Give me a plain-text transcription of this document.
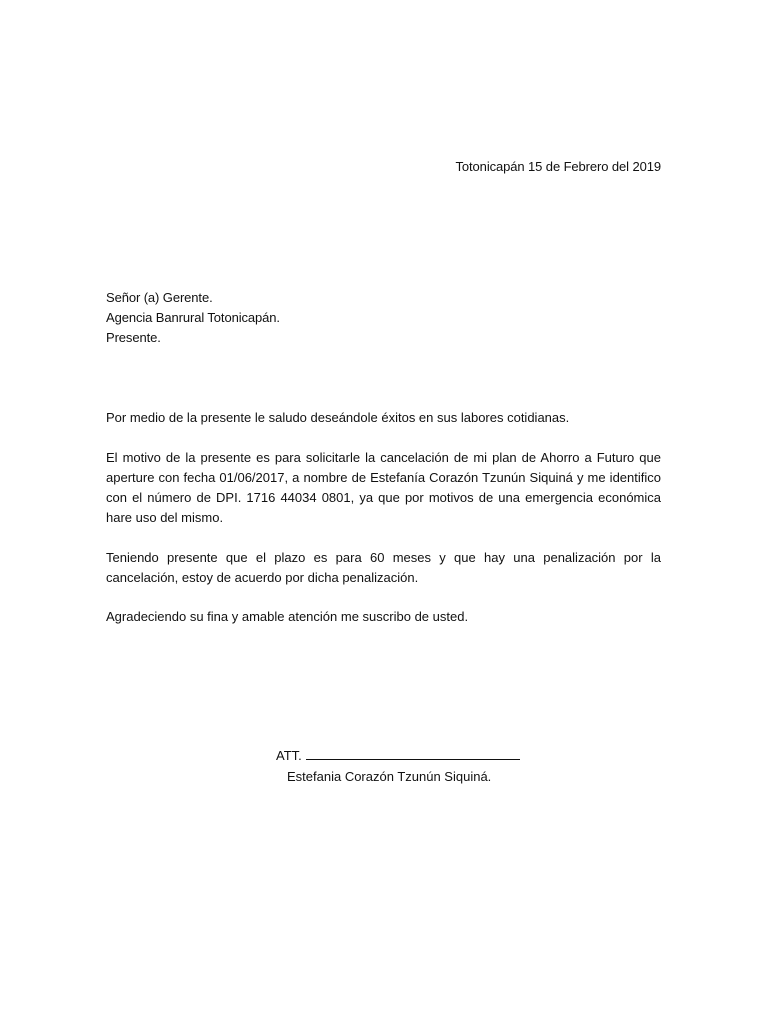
Totonicapán 15 de Febrero del 2019
Señor (a) Gerente.
Agencia Banrural Totonicapán.
Presente.

Por medio de la presente le saludo deseándole éxitos en sus labores cotidianas.

El motivo de la presente es para solicitarle la cancelación de mi plan de Ahorro a Futuro que aperture con fecha 01/06/2017, a nombre de Estefanía Corazón Tzunún Siquiná y me identifico con el número de DPI. 1716 44034 0801, ya que por motivos de una emergencia económica hare uso del mismo.

Teniendo presente que el plazo es para 60 meses y que hay una penalización por la cancelación, estoy de acuerdo por dicha penalización.

Agradeciendo su fina y amable atención me suscribo de usted.

ATT.
Estefania Corazón Tzunún Siquiná.
